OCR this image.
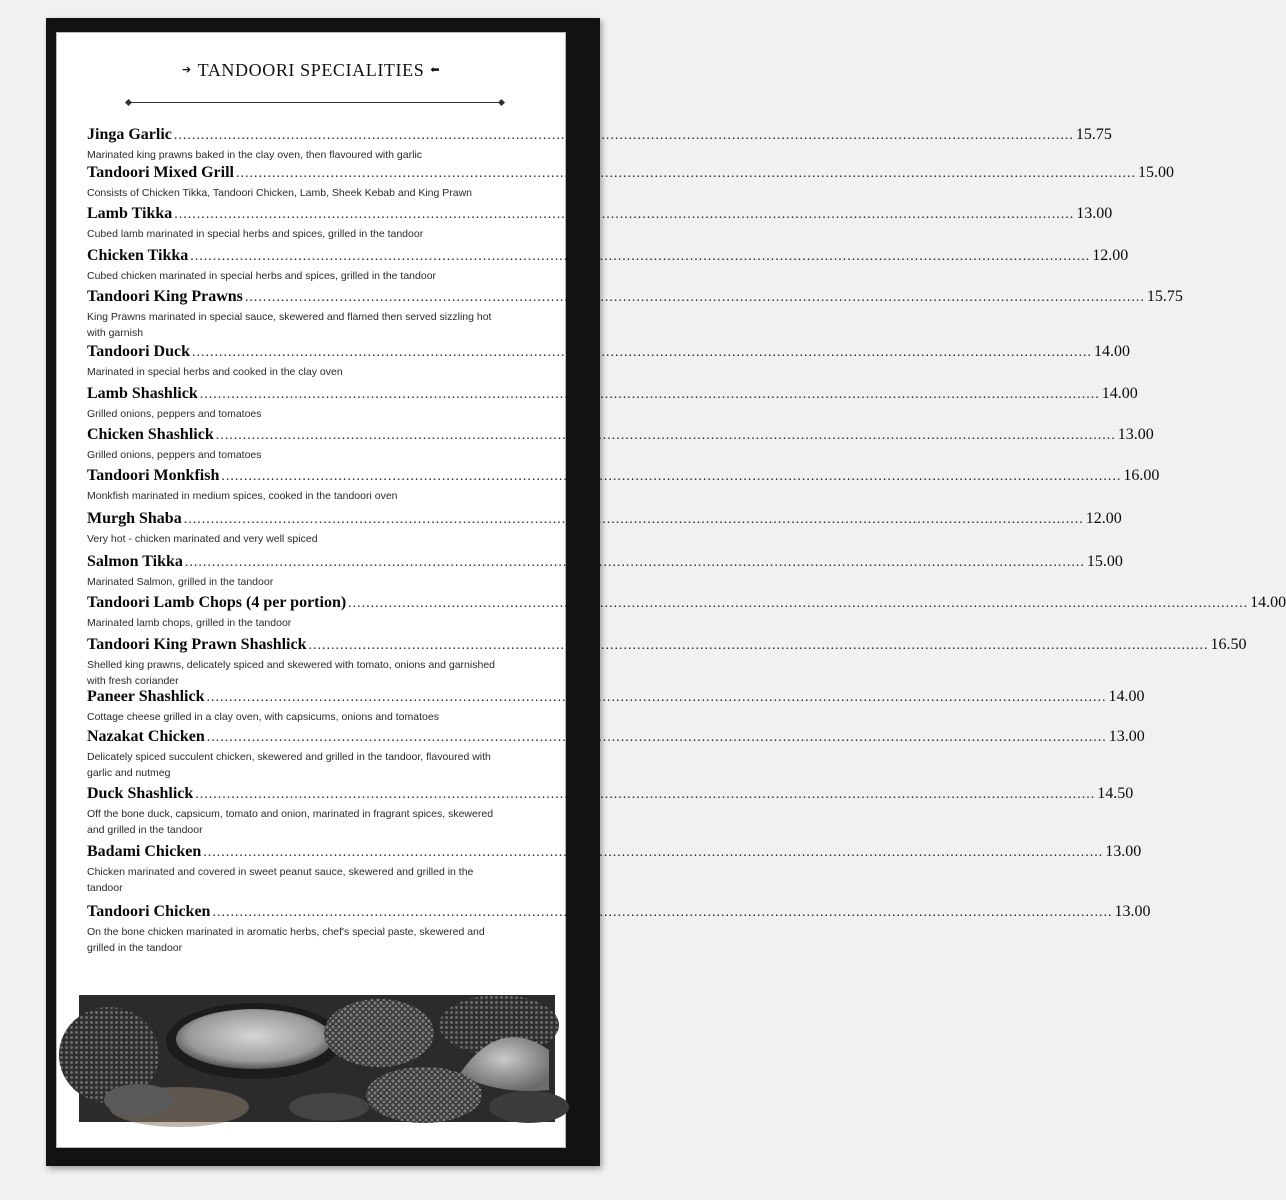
➔ TANDOORI SPECIALITIES ⬅
Jinga Garlic ........................................................................................................................................................................................................ 15.75
Marinated king prawns baked in the clay oven, then flavoured with garlic
Tandoori Mixed Grill ........................................................................................................................................................................................................ 15.00
Consists of Chicken Tikka, Tandoori Chicken, Lamb, Sheek Kebab and King Prawn
Lamb Tikka ........................................................................................................................................................................................................ 13.00
Cubed lamb marinated in special herbs and spices, grilled in the tandoor
Chicken Tikka ........................................................................................................................................................................................................ 12.00
Cubed chicken marinated in special herbs and spices, grilled in the tandoor
Tandoori King Prawns ........................................................................................................................................................................................................ 15.75
King Prawns marinated in special sauce, skewered and flamed then served sizzling hot with garnish
Tandoori Duck ........................................................................................................................................................................................................ 14.00
Marinated in special herbs and cooked in the clay oven
Lamb Shashlick ........................................................................................................................................................................................................ 14.00
Grilled onions, peppers and tomatoes
Chicken Shashlick ........................................................................................................................................................................................................ 13.00
Grilled onions, peppers and tomatoes
Tandoori Monkfish ........................................................................................................................................................................................................ 16.00
Monkfish marinated in medium spices, cooked in the tandoori oven
Murgh Shaba ........................................................................................................................................................................................................ 12.00
Very hot - chicken marinated and very well spiced
Salmon Tikka ........................................................................................................................................................................................................ 15.00
Marinated Salmon, grilled in the tandoor
Tandoori Lamb Chops (4 per portion) ........................................................................................................................................................................................................ 14.00
Marinated lamb chops, grilled in the tandoor
Tandoori King Prawn Shashlick ........................................................................................................................................................................................................ 16.50
Shelled king prawns, delicately spiced and skewered with tomato, onions and garnished with fresh coriander
Paneer Shashlick ........................................................................................................................................................................................................ 14.00
Cottage cheese grilled in a clay oven, with capsicums, onions and tomatoes
Nazakat Chicken ........................................................................................................................................................................................................ 13.00
Delicately spiced succulent chicken, skewered and grilled in the tandoor, flavoured with garlic and nutmeg
Duck Shashlick ........................................................................................................................................................................................................ 14.50
Off the bone duck, capsicum, tomato and onion, marinated in fragrant spices, skewered and grilled in the tandoor
Badami Chicken ........................................................................................................................................................................................................ 13.00
Chicken marinated and covered in sweet peanut sauce, skewered and grilled in the tandoor
Tandoori Chicken ........................................................................................................................................................................................................ 13.00
On the bone chicken marinated in aromatic herbs, chef's special paste, skewered and grilled in the tandoor
